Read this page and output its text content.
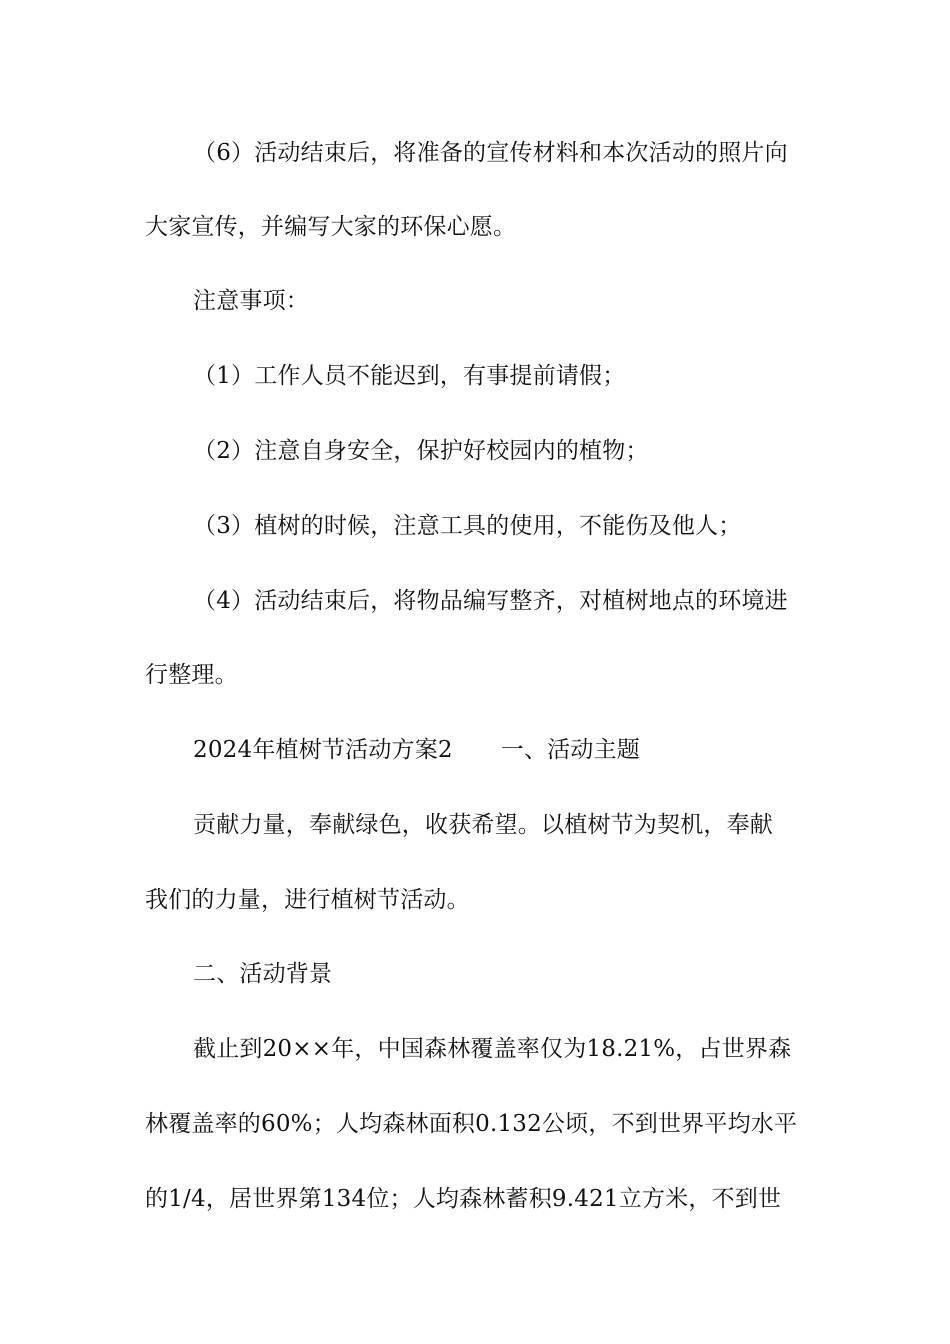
（6）活动结束后，将准备的宣传材料和本次活动的照片向
大家宣传，并编写大家的环保心愿。
注意事项：
（1）工作人员不能迟到，有事提前请假；
（2）注意自身安全，保护好校园内的植物；
（3）植树的时候，注意工具的使用，不能伤及他人；
（4）活动结束后，将物品编写整齐，对植树地点的环境进
行整理。
2024年植树节活动方案2 一、活动主题
贡献力量，奉献绿色，收获希望。以植树节为契机，奉献
我们的力量，进行植树节活动。
二、活动背景
截止到20××年，中国森林覆盖率仅为18.21%，占世界森
林覆盖率的60%；人均森林面积0.132公顷，不到世界平均水平
的1/4，居世界第134位；人均森林蓄积9.421立方米，不到世
